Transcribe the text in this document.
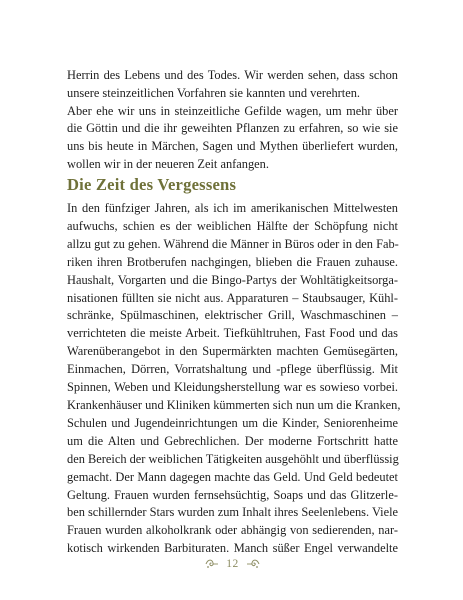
Herrin des Lebens und des Todes. Wir werden sehen, dass schon
unsere steinzeitlichen Vorfahren sie kannten und verehrten.
Aber ehe wir uns in steinzeitliche Gefilde wagen, um mehr über
die Göttin und die ihr geweihten Pflanzen zu erfahren, so wie sie
uns bis heute in Märchen, Sagen und Mythen überliefert wurden,
wollen wir in der neueren Zeit anfangen.
Die Zeit des Vergessens
In den fünfziger Jahren, als ich im amerikanischen Mittelwesten
aufwuchs, schien es der weiblichen Hälfte der Schöpfung nicht
allzu gut zu gehen. Während die Männer in Büros oder in den Fab-
riken ihren Brotberufen nachgingen, blieben die Frauen zuhause.
Haushalt, Vorgarten und die Bingo-Partys der Wohltätigkeitsorga-
nisationen füllten sie nicht aus. Apparaturen – Staubsauger, Kühl-
schränke, Spülmaschinen, elektrischer Grill, Waschmaschinen –
verrichteten die meiste Arbeit. Tiefkühltruhen, Fast Food und das
Warenüberangebot in den Supermärkten machten Gemüsegärten,
Einmachen, Dörren, Vorratshaltung und -pflege überflüssig. Mit
Spinnen, Weben und Kleidungsherstellung war es sowieso vorbei.
Krankenhäuser und Kliniken kümmerten sich nun um die Kranken,
Schulen und Jugendeinrichtungen um die Kinder, Seniorenheime
um die Alten und Gebrechlichen. Der moderne Fortschritt hatte
den Bereich der weiblichen Tätigkeiten ausgehöhlt und überflüssig
gemacht. Der Mann dagegen machte das Geld. Und Geld bedeutet
Geltung. Frauen wurden fernsehsüchtig, Soaps und das Glitzerle-
ben schillernder Stars wurden zum Inhalt ihres Seelenlebens. Viele
Frauen wurden alkoholkrank oder abhängig von sedierenden, nar-
kotisch wirkenden Barbituraten. Manch süßer Engel verwandelte
12
